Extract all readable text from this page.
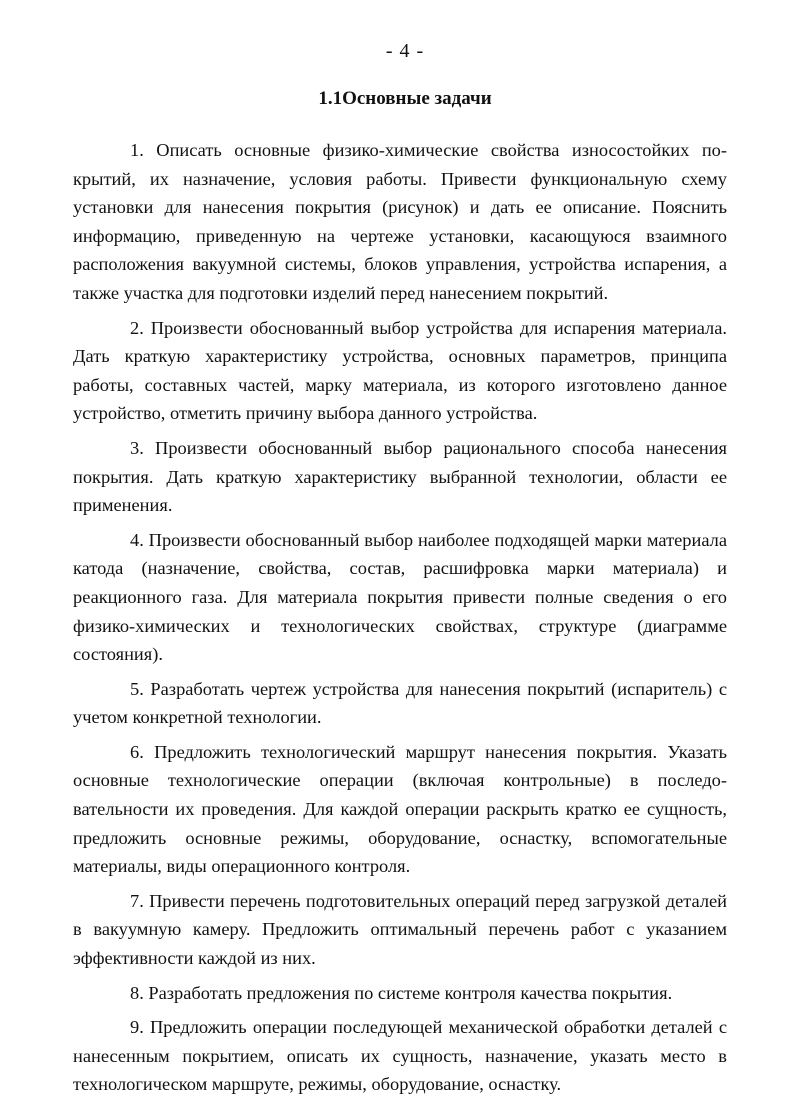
- 4 -
1.1Основные задачи

1. Описать основные физико-химические свойства износостойких покрытий, их назначение, условия работы. Привести функциональную схему установки для нанесения покрытия (рисунок) и дать ее описание. Пояснить информацию, приведенную на чертеже установки, касающуюся взаимного расположения вакуумной системы, блоков управления, устройства испарения, а также участка для подготовки изделий перед нанесением покрытий.

2. Произвести обоснованный выбор устройства для испарения материала. Дать краткую характеристику устройства, основных параметров, принципа работы, составных частей, марку материала, из которого изготовлено данное устройство, отметить причину выбора данного устройства.

3. Произвести обоснованный выбор рационального способа нанесения покрытия. Дать краткую характеристику выбранной технологии, области ее применения.

4. Произвести обоснованный выбор наиболее подходящей марки материала катода (назначение, свойства, состав, расшифровка марки материала) и реакционного газа. Для материала покрытия привести полные сведения о его физико-химических и технологических свойствах, структуре (диаграмме состояния).

5. Разработать чертеж устройства для нанесения покрытий (испаритель) с учетом конкретной технологии.

6. Предложить технологический маршрут нанесения покрытия. Указать основные технологические операции (включая контрольные) в последовательности их проведения. Для каждой операции раскрыть кратко ее сущность, предложить основные режимы, оборудование, оснастку, вспомогательные материалы, виды операционного контроля.

7. Привести перечень подготовительных операций перед загрузкой деталей в вакуумную камеру. Предложить оптимальный перечень работ с указанием эффективности каждой из них.

8. Разработать предложения по системе контроля качества покрытия.

9. Предложить операции последующей механической обработки деталей с нанесенным покрытием, описать их сущность, назначение, указать место в технологическом маршруте, режимы, оборудование, оснастку.
